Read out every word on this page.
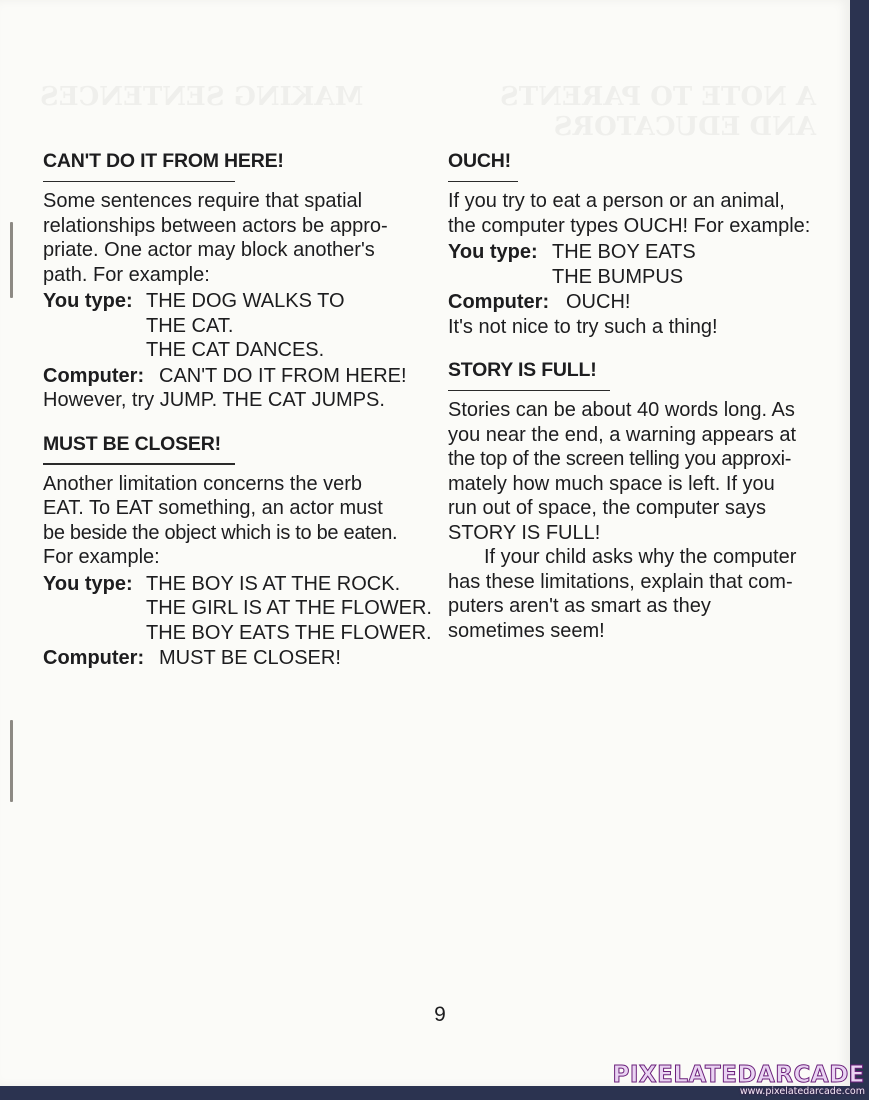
A NOTE TO PARENTS
AND EDUCATORS
MAKING SENTENCES
CAN'T DO IT FROM HERE!

Some sentences require that spatial

relationships between actors be appro-

priate. One actor may block another's

path. For example:

You type: THE DOG WALKS TO
THE CAT.
THE CAT DANCES.
Computer: CAN'T DO IT FROM HERE!

However, try JUMP. THE CAT JUMPS.

MUST BE CLOSER!

Another limitation concerns the verb

EAT. To EAT something, an actor must

be beside the object which is to be eaten.

For example:

You type: THE BOY IS AT THE ROCK.
THE GIRL IS AT THE FLOWER.
THE BOY EATS THE FLOWER.
Computer: MUST BE CLOSER!
OUCH!

If you try to eat a person or an animal,

the computer types OUCH! For example:

You type: THE BOY EATS
THE BUMPUS
Computer: OUCH!

It's not nice to try such a thing!

STORY IS FULL!

Stories can be about 40 words long. As

you near the end, a warning appears at

the top of the screen telling you approxi-

mately how much space is left. If you

run out of space, the computer says

STORY IS FULL!

If your child asks why the computer

has these limitations, explain that com-

puters aren't as smart as they

sometimes seem!

9
PIXELATEDARCADE
www.pixelatedarcade.com
